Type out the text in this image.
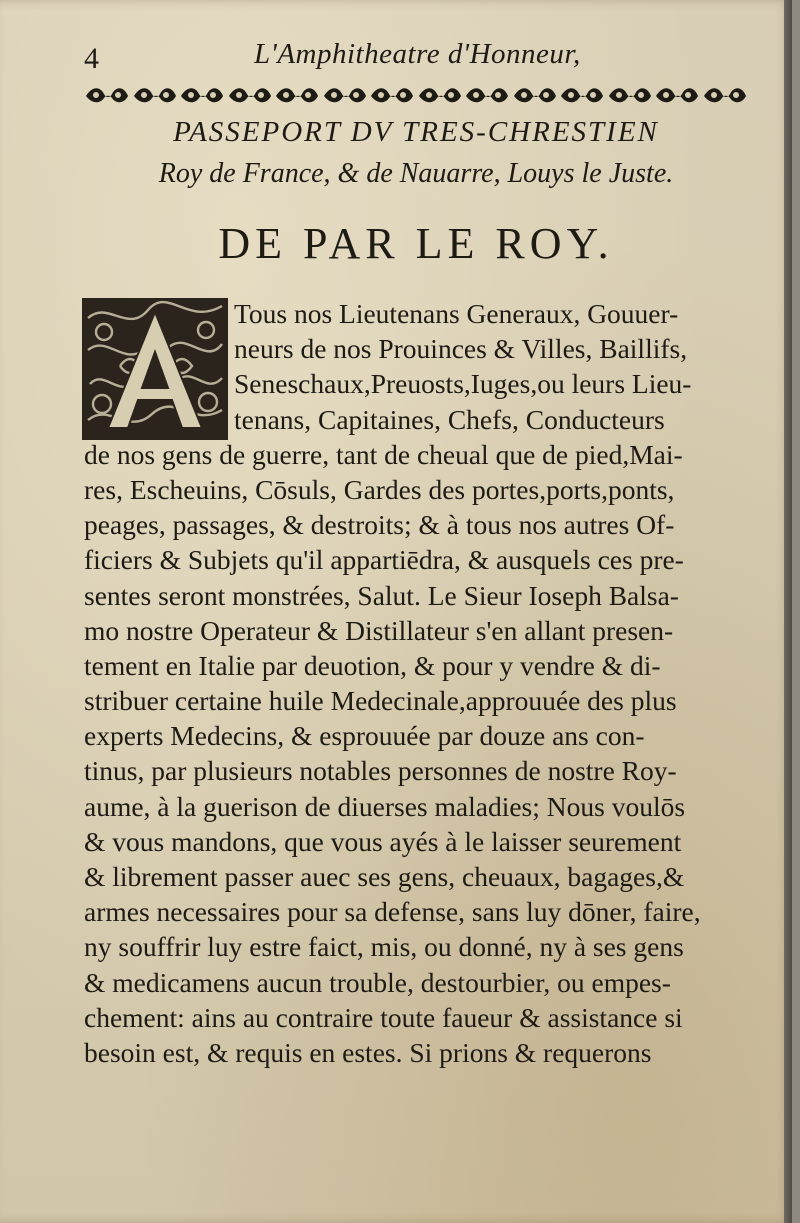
4	L'Amphitheatre d'Honneur,
PASSEPORT DV TRES-CHRESTIEN
Roy de France, & de Nauarre, Louys le Juste.
DE PAR LE ROY.
Tous nos Lieutenans Generaux, Gouuer-
neurs de nos Prouinces & Villes, Baillifs,
Seneschaux,Preuosts,Iuges,ou leurs Lieu-
tenans, Capitaines, Chefs, Conducteurs
de nos gens de guerre, tant de cheual que de pied,Mai-
res, Escheuins, Cōsuls, Gardes des portes,ports,ponts,
peages, passages, & destroits; & à tous nos autres Of-
ficiers & Subjets qu'il appartiēdra, & ausquels ces pre-
sentes seront monstrées, Salut. Le Sieur Ioseph Balsa-
mo nostre Operateur & Distillateur s'en allant presen-
tement en Italie par deuotion, & pour y vendre & di-
stribuer certaine huile Medecinale,approuuée des plus
experts Medecins, & esprouuée par douze ans con-
tinus, par plusieurs notables personnes de nostre Roy-
aume, à la guerison de diuerses maladies; Nous voulōs
& vous mandons, que vous ayés à le laisser seurement
& librement passer auec ses gens, cheuaux, bagages,&
armes necessaires pour sa defense, sans luy dōner, faire,
ny souffrir luy estre faict, mis, ou donné, ny à ses gens
& medicamens aucun trouble, destourbier, ou empes-
chement: ains au contraire toute faueur & assistance si
besoin est, & requis en estes. Si prions & requerons
